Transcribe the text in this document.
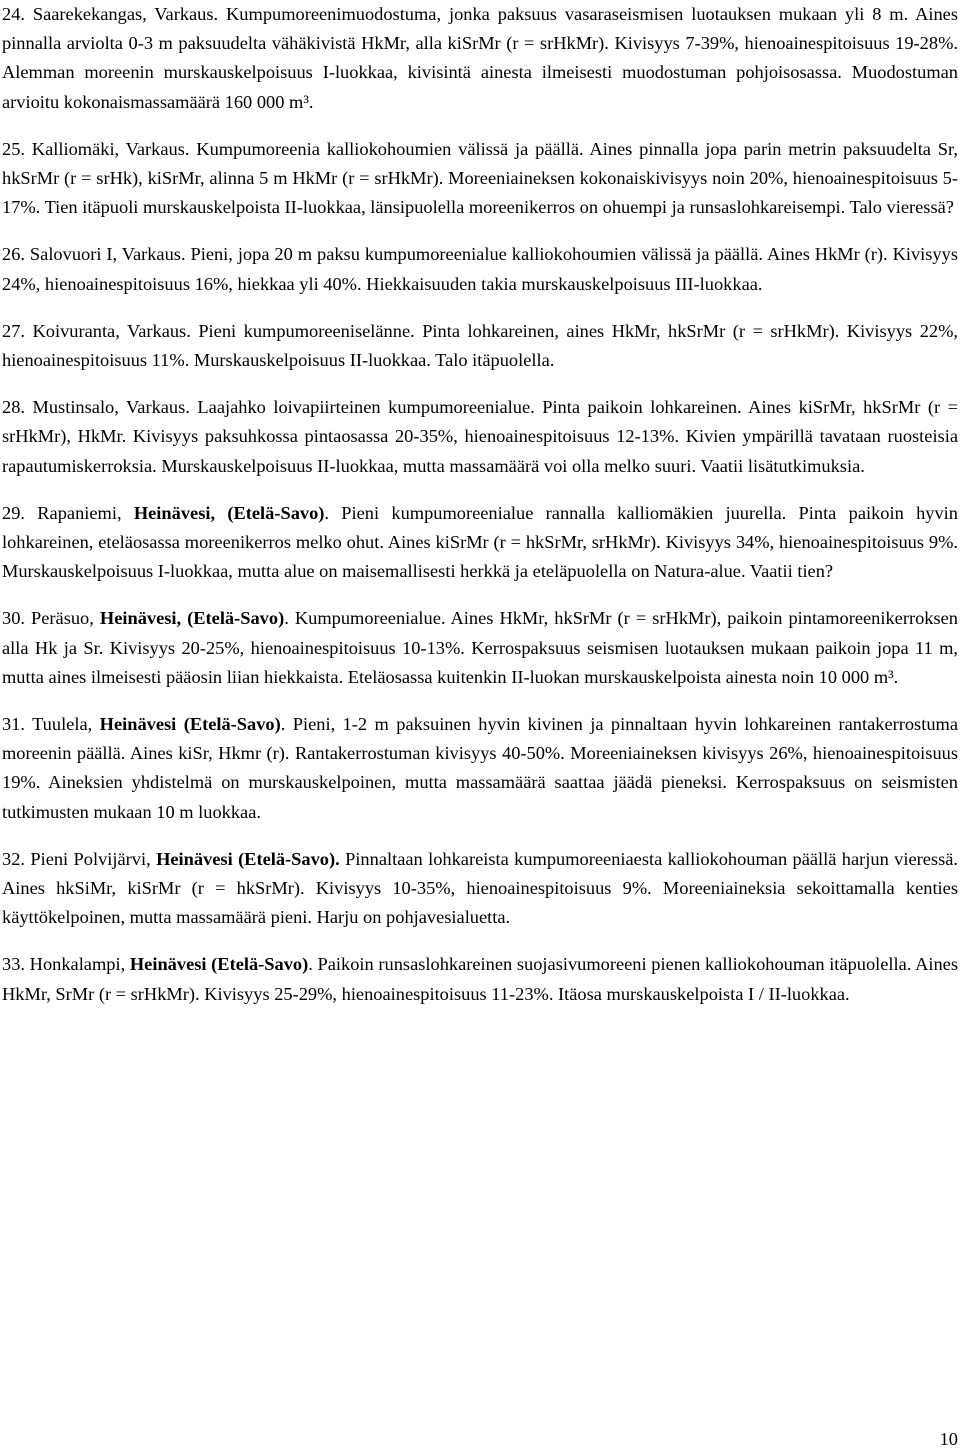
24. Saarekekangas, Varkaus. Kumpumoreenimuodostuma, jonka paksuus vasaraseismisen luotauksen mukaan yli 8 m. Aines pinnalla arviolta 0-3 m paksuudelta vähäkivistä HkMr, alla kiSrMr (r = srHkMr). Kivisyys 7-39%, hienoainespitoisuus 19-28%. Alemman moreenin murskauskelpoisuus I-luokkaa, kivisintä ainesta ilmeisesti muodostuman pohjoisosassa. Muodostuman arvioitu kokonaismassamäärä 160 000 m³.

25. Kalliomäki, Varkaus. Kumpumoreenia kalliokohoumien välissä ja päällä. Aines pinnalla jopa parin metrin paksuudelta Sr, hkSrMr (r = srHk), kiSrMr, alinna 5 m HkMr (r = srHkMr). Moreeniaineksen kokonaiskivisyys noin 20%, hienoainespitoisuus 5-17%. Tien itäpuoli murskauskelpoista II-luokkaa, länsipuolella moreenikerros on ohuempi ja runsaslohkareisempi. Talo vieressä?

26. Salovuori I, Varkaus. Pieni, jopa 20 m paksu kumpumoreenialue kalliokohoumien välissä ja päällä. Aines HkMr (r). Kivisyys 24%, hienoainespitoisuus 16%, hiekkaa yli 40%. Hiekkaisuuden takia murskauskelpoisuus III-luokkaa.

27. Koivuranta, Varkaus. Pieni kumpumoreeniselänne. Pinta lohkareinen, aines HkMr, hkSrMr (r = srHkMr). Kivisyys 22%, hienoainespitoisuus 11%. Murskauskelpoisuus II-luokkaa. Talo itäpuolella.

28. Mustinsalo, Varkaus. Laajahko loivapiirteinen kumpumoreenialue. Pinta paikoin lohkareinen. Aines kiSrMr, hkSrMr (r = srHkMr), HkMr. Kivisyys paksuhkossa pintaosassa 20-35%, hienoainespitoisuus 12-13%. Kivien ympärillä tavataan ruosteisia rapautumiskerroksia. Murskauskelpoisuus II-luokkaa, mutta massamäärä voi olla melko suuri. Vaatii lisätutkimuksia.

29. Rapaniemi, Heinävesi, (Etelä-Savo). Pieni kumpumoreenialue rannalla kalliomäkien juurella. Pinta paikoin hyvin lohkareinen, eteläosassa moreenikerros melko ohut. Aines kiSrMr (r = hkSrMr, srHkMr). Kivisyys 34%, hienoainespitoisuus 9%. Murskauskelpoisuus I-luokkaa, mutta alue on maisemallisesti herkkä ja eteläpuolella on Natura-alue. Vaatii tien?

30. Peräsuo, Heinävesi, (Etelä-Savo). Kumpumoreenialue. Aines HkMr, hkSrMr (r = srHkMr), paikoin pintamoreenikerroksen alla Hk ja Sr. Kivisyys 20-25%, hienoainespitoisuus 10-13%. Kerrospaksuus seismisen luotauksen mukaan paikoin jopa 11 m, mutta aines ilmeisesti pääosin liian hiekkaista. Eteläosassa kuitenkin II-luokan murskauskelpoista ainesta noin 10 000 m³.

31. Tuulela, Heinävesi (Etelä-Savo). Pieni, 1-2 m paksuinen hyvin kivinen ja pinnaltaan hyvin lohkareinen rantakerrostuma moreenin päällä. Aines kiSr, Hkmr (r). Rantakerrostuman kivisyys 40-50%. Moreeniaineksen kivisyys 26%, hienoainespitoisuus 19%. Aineksien yhdistelmä on murskauskelpoinen, mutta massamäärä saattaa jäädä pieneksi. Kerrospaksuus on seismisten tutkimusten mukaan 10 m luokkaa.

32. Pieni Polvijärvi, Heinävesi (Etelä-Savo). Pinnaltaan lohkareista kumpumoreeniaesta kalliokohouman päällä harjun vieressä. Aines hkSiMr, kiSrMr (r = hkSrMr). Kivisyys 10-35%, hienoainespitoisuus 9%. Moreeniaineksia sekoittamalla kenties käyttökelpoinen, mutta massamäärä pieni. Harju on pohjavesialuetta.

33. Honkalampi, Heinävesi (Etelä-Savo). Paikoin runsaslohkareinen suojasivumoreeni pienen kalliokohouman itäpuolella. Aines HkMr, SrMr (r = srHkMr). Kivisyys 25-29%, hienoainespitoisuus 11-23%. Itäosa murskauskelpoista I / II-luokkaa.

10
